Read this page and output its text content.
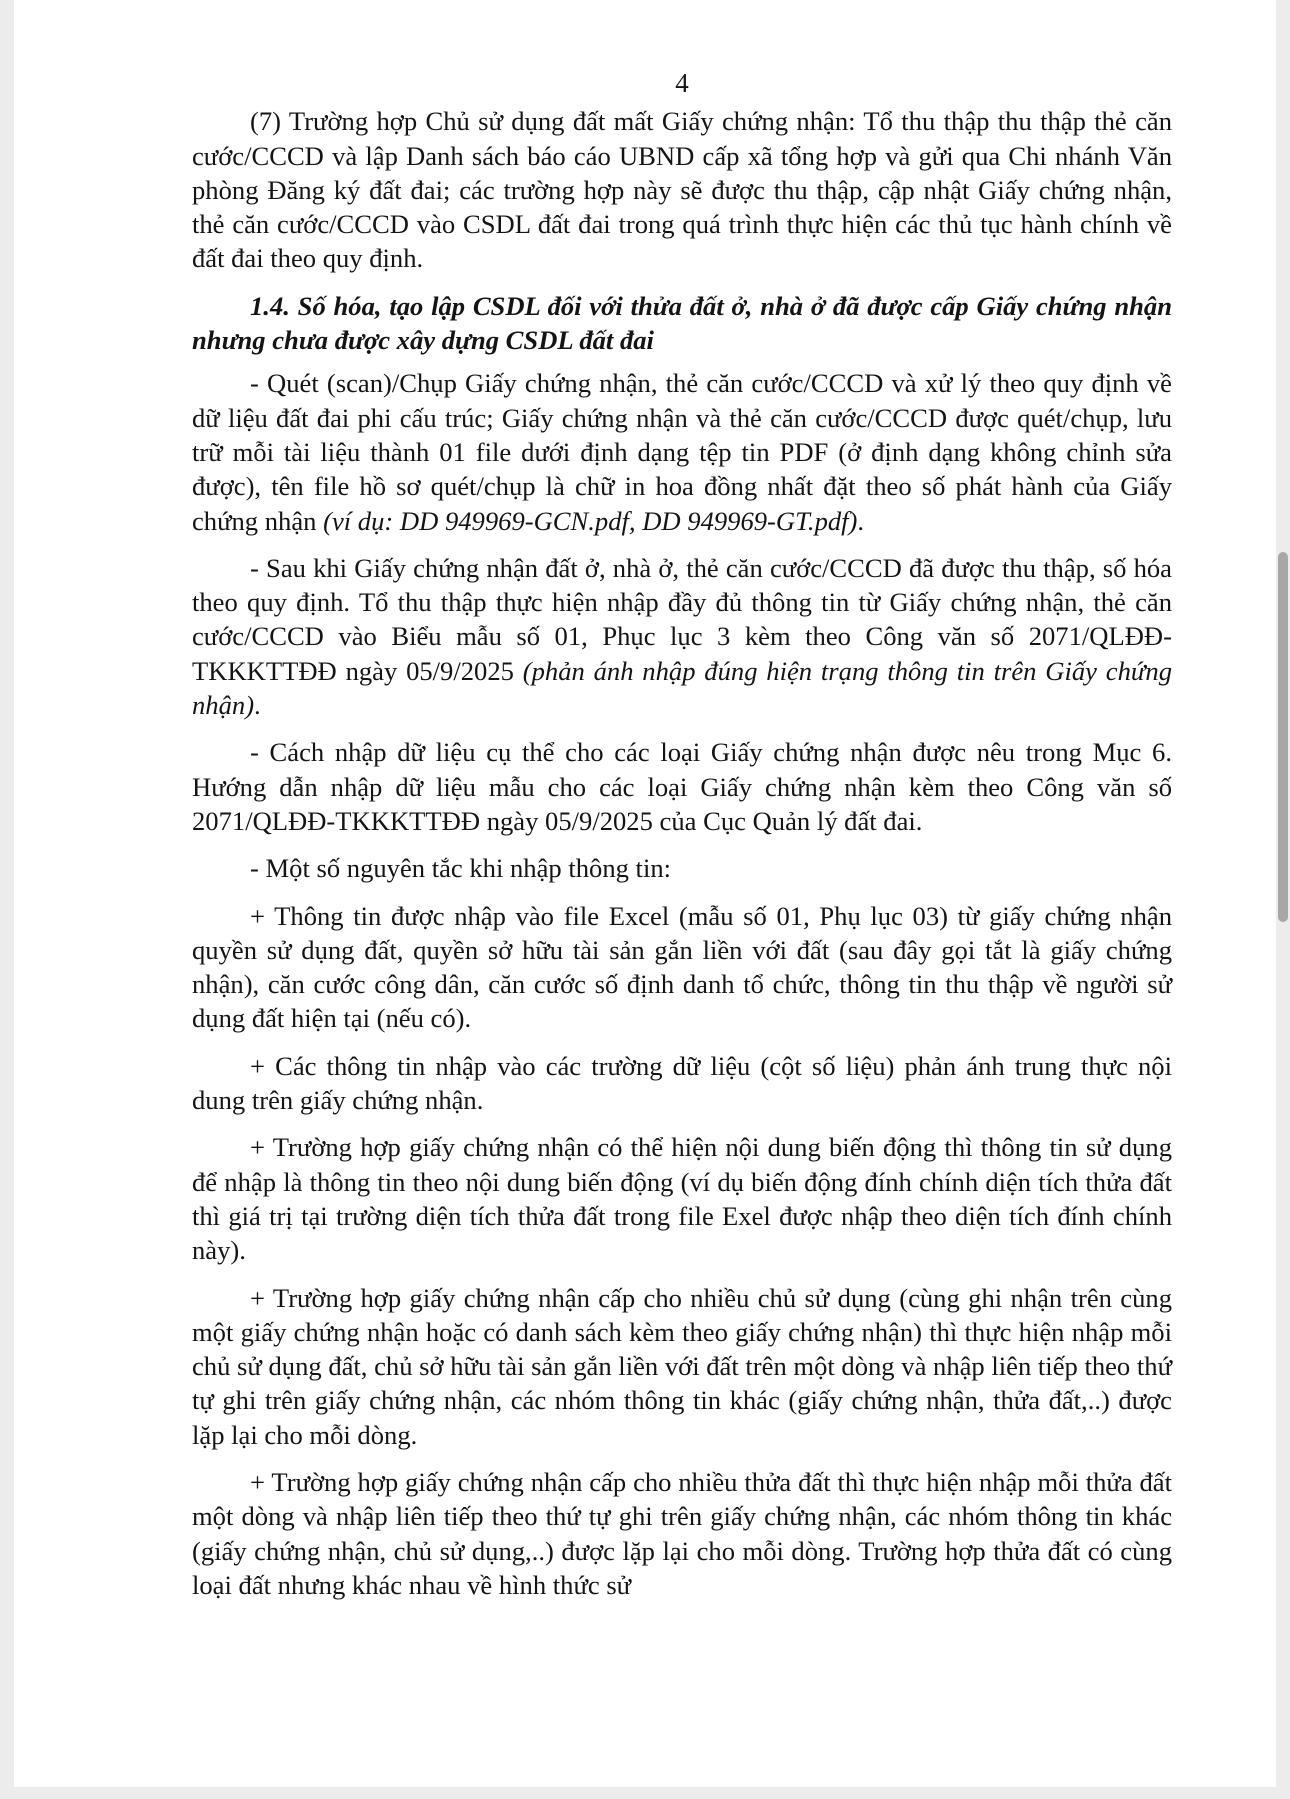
4

(7) Trường hợp Chủ sử dụng đất mất Giấy chứng nhận: Tổ thu thập thu thập thẻ căn cước/CCCD và lập Danh sách báo cáo UBND cấp xã tổng hợp và gửi qua Chi nhánh Văn phòng Đăng ký đất đai; các trường hợp này sẽ được thu thập, cập nhật Giấy chứng nhận, thẻ căn cước/CCCD vào CSDL đất đai trong quá trình thực hiện các thủ tục hành chính về đất đai theo quy định.

1.4. Số hóa, tạo lập CSDL đối với thửa đất ở, nhà ở đã được cấp Giấy chứng nhận nhưng chưa được xây dựng CSDL đất đai

- Quét (scan)/Chụp Giấy chứng nhận, thẻ căn cước/CCCD và xử lý theo quy định về dữ liệu đất đai phi cấu trúc; Giấy chứng nhận và thẻ căn cước/CCCD được quét/chụp, lưu trữ mỗi tài liệu thành 01 file dưới định dạng tệp tin PDF (ở định dạng không chỉnh sửa được), tên file hồ sơ quét/chụp là chữ in hoa đồng nhất đặt theo số phát hành của Giấy chứng nhận (ví dụ: DD 949969-GCN.pdf, DD 949969-GT.pdf).

- Sau khi Giấy chứng nhận đất ở, nhà ở, thẻ căn cước/CCCD đã được thu thập, số hóa theo quy định. Tổ thu thập thực hiện nhập đầy đủ thông tin từ Giấy chứng nhận, thẻ căn cước/CCCD vào Biểu mẫu số 01, Phục lục 3 kèm theo Công văn số 2071/QLĐĐ-TKKKTTĐĐ ngày 05/9/2025 (phản ánh nhập đúng hiện trạng thông tin trên Giấy chứng nhận).

- Cách nhập dữ liệu cụ thể cho các loại Giấy chứng nhận được nêu trong Mục 6. Hướng dẫn nhập dữ liệu mẫu cho các loại Giấy chứng nhận kèm theo Công văn số 2071/QLĐĐ-TKKKTTĐĐ ngày 05/9/2025 của Cục Quản lý đất đai.

- Một số nguyên tắc khi nhập thông tin:

+ Thông tin được nhập vào file Excel (mẫu số 01, Phụ lục 03) từ giấy chứng nhận quyền sử dụng đất, quyền sở hữu tài sản gắn liền với đất (sau đây gọi tắt là giấy chứng nhận), căn cước công dân, căn cước số định danh tổ chức, thông tin thu thập về người sử dụng đất hiện tại (nếu có).

+ Các thông tin nhập vào các trường dữ liệu (cột số liệu) phản ánh trung thực nội dung trên giấy chứng nhận.

+ Trường hợp giấy chứng nhận có thể hiện nội dung biến động thì thông tin sử dụng để nhập là thông tin theo nội dung biến động (ví dụ biến động đính chính diện tích thửa đất thì giá trị tại trường diện tích thửa đất trong file Exel được nhập theo diện tích đính chính này).

+ Trường hợp giấy chứng nhận cấp cho nhiều chủ sử dụng (cùng ghi nhận trên cùng một giấy chứng nhận hoặc có danh sách kèm theo giấy chứng nhận) thì thực hiện nhập mỗi chủ sử dụng đất, chủ sở hữu tài sản gắn liền với đất trên một dòng và nhập liên tiếp theo thứ tự ghi trên giấy chứng nhận, các nhóm thông tin khác (giấy chứng nhận, thửa đất,..) được lặp lại cho mỗi dòng.

+ Trường hợp giấy chứng nhận cấp cho nhiều thửa đất thì thực hiện nhập mỗi thửa đất một dòng và nhập liên tiếp theo thứ tự ghi trên giấy chứng nhận, các nhóm thông tin khác (giấy chứng nhận, chủ sử dụng,..) được lặp lại cho mỗi dòng. Trường hợp thửa đất có cùng loại đất nhưng khác nhau về hình thức sử
